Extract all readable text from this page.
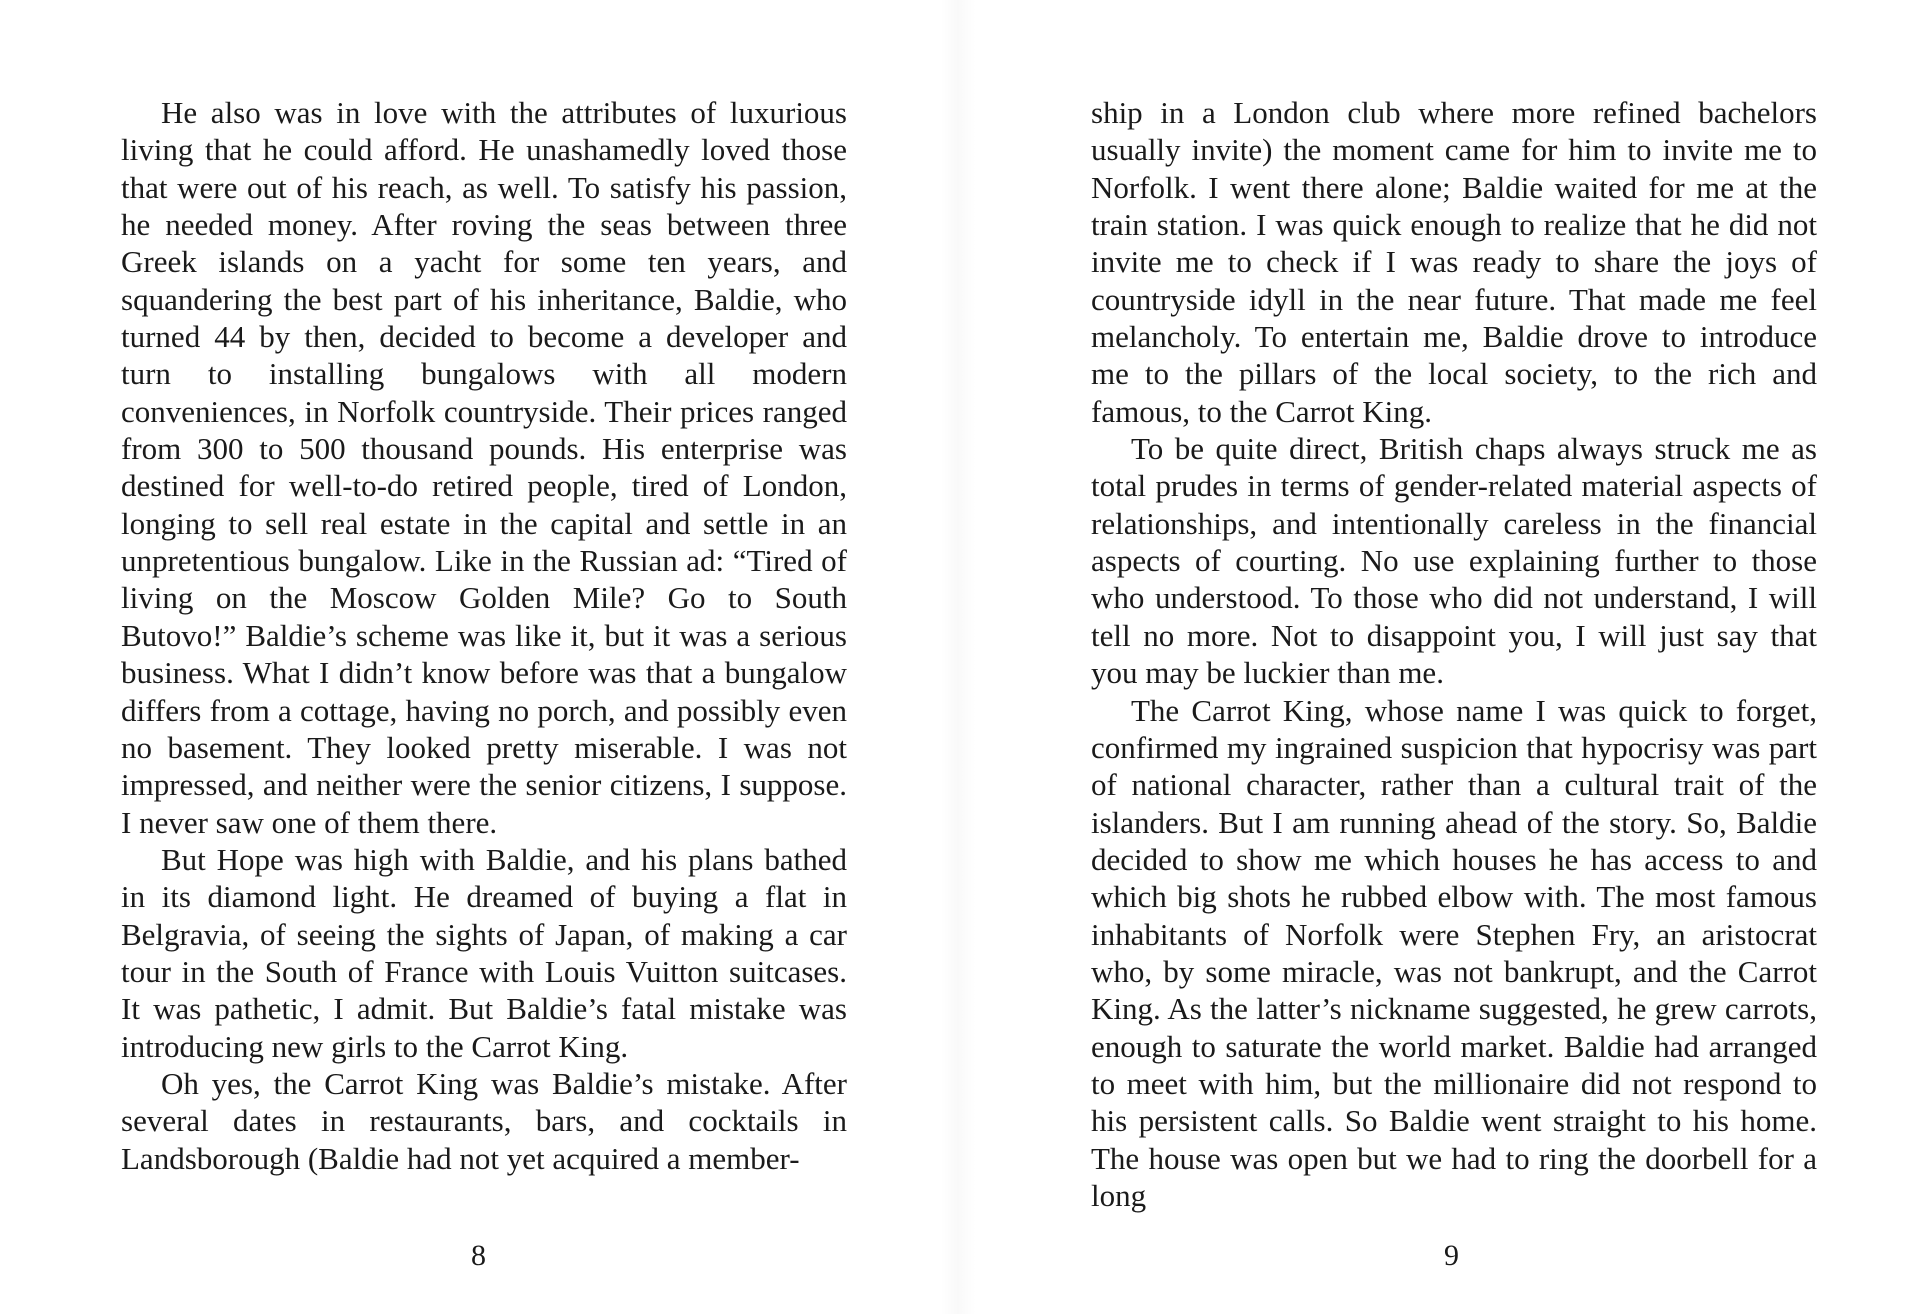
He also was in love with the attributes of luxurious living that he could afford. He unashamedly loved those that were out of his reach, as well. To satisfy his passion, he needed money. After roving the seas between three Greek islands on a yacht for some ten years, and squandering the best part of his inheritance, Baldie, who turned 44 by then, decided to become a developer and turn to installing bungalows with all modern conveniences, in Norfolk countryside. Their prices ranged from 300 to 500 thousand pounds. His enterprise was destined for well-to-do retired people, tired of London, longing to sell real estate in the capital and settle in an unpretentious bungalow. Like in the Russian ad: “Tired of living on the Moscow Golden Mile? Go to South Butovo!” Baldie’s scheme was like it, but it was a serious business. What I didn’t know before was that a bungalow differs from a cottage, having no porch, and possibly even no basement. They looked pretty miserable. I was not impressed, and neither were the senior citizens, I suppose. I never saw one of them there.

But Hope was high with Baldie, and his plans bathed in its diamond light. He dreamed of buying a flat in Belgravia, of seeing the sights of Japan, of making a car tour in the South of France with Louis Vuitton suitcases. It was pathetic, I admit. But Baldie’s fatal mistake was introducing new girls to the Carrot King.

Oh yes, the Carrot King was Baldie’s mistake. After several dates in restaurants, bars, and cocktails in Landsborough (Baldie had not yet acquired a member-

8

ship in a London club where more refined bachelors usually invite) the moment came for him to invite me to Norfolk. I went there alone; Baldie waited for me at the train station. I was quick enough to realize that he did not invite me to check if I was ready to share the joys of countryside idyll in the near future. That made me feel melancholy. To entertain me, Baldie drove to introduce me to the pillars of the local society, to the rich and famous, to the Carrot King.

To be quite direct, British chaps always struck me as total prudes in terms of gender-related material aspects of relationships, and intentionally careless in the financial aspects of courting. No use explaining further to those who understood. To those who did not understand, I will tell no more. Not to disappoint you, I will just say that you may be luckier than me.

The Carrot King, whose name I was quick to forget, confirmed my ingrained suspicion that hypocrisy was part of national character, rather than a cultural trait of the islanders. But I am running ahead of the story. So, Baldie decided to show me which houses he has access to and which big shots he rubbed elbow with. The most famous inhabitants of Norfolk were Stephen Fry, an aristocrat who, by some miracle, was not bankrupt, and the Carrot King. As the latter’s nickname suggested, he grew carrots, enough to saturate the world market. Baldie had arranged to meet with him, but the millionaire did not respond to his persistent calls. So Baldie went straight to his home. The house was open but we had to ring the doorbell for a long

9
